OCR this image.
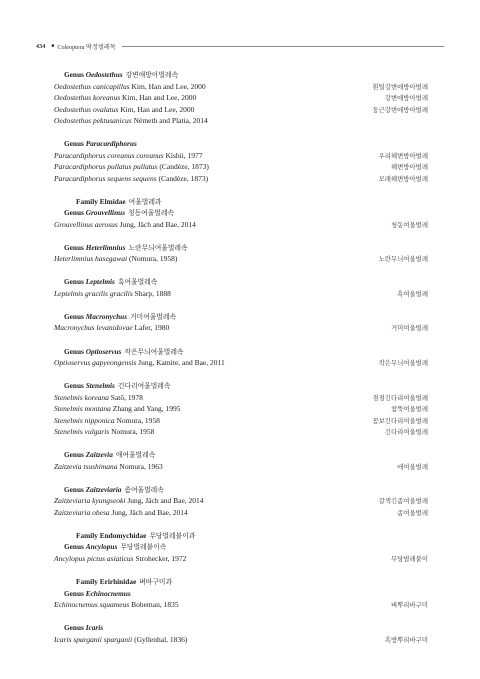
434 ■ Coleoptera 딱정벌레목
Genus Oedostethus 강변애방아벌레속
Oedostethus canicapillus Kim, Han and Lee, 2000	흰털강변애방아벌레
Oedostethus koreanus Kim, Han and Lee, 2000	강변애방아벌레
Oedostethus ovalatus Kim, Han and Lee, 2000	둥근강변애방아벌레
Oedostethus pektusanicus Németh and Platia, 2014
Genus Paracardiphorus
Paracardiphorus coreanus coreanus Kishii, 1977	우리해변방아벌레
Paracardiphorus pullatus pullatus (Candèze, 1873)	해변방아벌레
Paracardiphorus sequens sequens (Candèze, 1873)	모래해변방아벌레
Family Elmidae 여울벌레과
Genus Grouvellinus 청동여울벌레속
Grouvellinus aerosus Jung, Jäch and Bae, 2014	청동여울벌레
Genus Heterlimnius 노란무늬여울벌레속
Heterlimnius hasegawai (Nomura, 1958)	노란무늬여울벌레
Genus Leptelmis 흑여울벌레속
Leptelmis gracilis gracilis Sharp, 1888	흑여울벌레
Genus Macronychus 거미여울벌레속
Macronychus levanidovae Lafer, 1980	거미여울벌레
Genus Optioservus 작은무늬여울벌레속
Optioservus gapyeongensis Jung, Kamite, and Bae, 2011	작은무늬여울벌레
Genus Stenelmis 긴다리여울벌레속
Stenelmis koreana Satô, 1978	점점긴다리여울벌레
Stenelmis montana Zhang and Yang, 1995	참뚝여울벌레
Stenelmis nipponica Nomura, 1958	꼼보긴다리여울벌레
Stenelmis vulgaris Nomura, 1958	긴다리여울벌레
Genus Zaitzevia 애여울벌레속
Zaitzevia tsushimana Nomura, 1963	애여울벌레
Genus Zaitzeviaria 좀여울벌레속
Zaitzeviaria kyungseoki Jung, Jäch and Bae, 2014	갈색긴좀여울벌레
Zaitzeviaria obesa Jung, Jäch and Bae, 2014	좀여울벌레
Family Endomychidae 무당벌레붙이과
Genus Ancylopus 무당벌레붙이속
Ancylopus pictus asiaticus Strohecker, 1972	무당벌레붙이
Family Erirhinidae 벼바구미과
Genus Echinocnemus
Echinocnemus squameus Boheman, 1835	벼뿌리바구미
Genus Icaris
Icaris sparganii sparganii (Gyllenhal, 1836)	흑방뿌리바구미
